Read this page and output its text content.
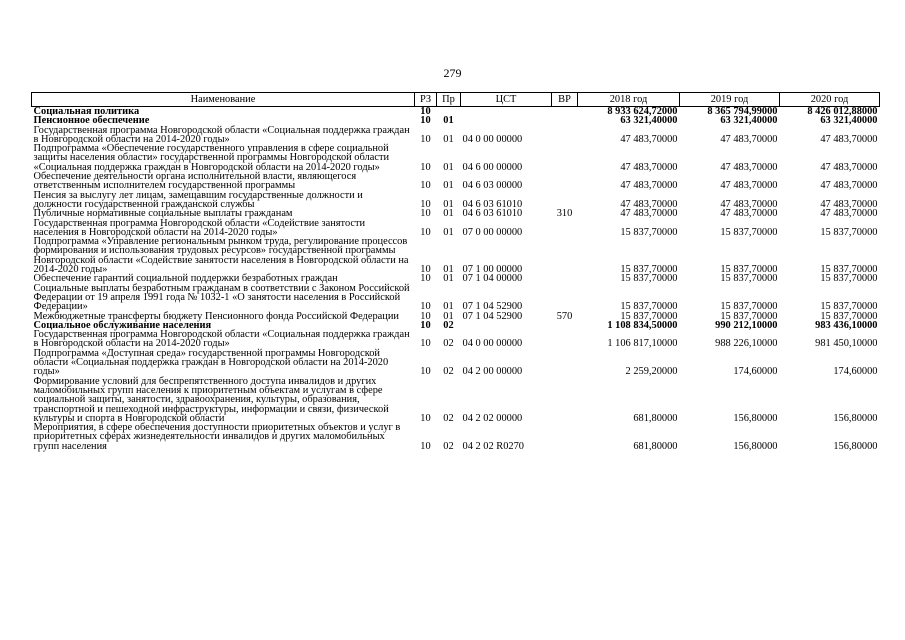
279
Наименование	РЗ	Пр	ЦСТ	ВР	2018 год	2019 год	2020 год
Социальная политика	10				8 933 624,72000	8 365 794,99000	8 426 012,88000
Пенсионное обеспечение	10	01			63 321,40000	63 321,40000	63 321,40000
Государственная программа Новгородской области «Социальная поддержка граждан в Новгородской области на 2014-2020 годы»	10	01	04 0 00 00000		47 483,70000	47 483,70000	47 483,70000
Подпрограмма «Обеспечение государственного управления в сфере социальной защиты населения области» государственной программы Новгородской области «Социальная поддержка граждан в Новгородской области на 2014-2020 годы»	10	01	04 6 00 00000		47 483,70000	47 483,70000	47 483,70000
Обеспечение деятельности органа исполнительной власти, являющегося ответственным исполнителем государственной программы	10	01	04 6 03 00000		47 483,70000	47 483,70000	47 483,70000
Пенсия за выслугу лет лицам, замещавшим государственные должности и должности государственной гражданской службы	10	01	04 6 03 61010		47 483,70000	47 483,70000	47 483,70000
Публичные нормативные социальные выплаты гражданам	10	01	04 6 03 61010	310	47 483,70000	47 483,70000	47 483,70000
Государственная программа Новгородской области «Содействие занятости населения в Новгородской области на 2014-2020 годы»	10	01	07 0 00 00000		15 837,70000	15 837,70000	15 837,70000
Подпрограмма «Управление региональным рынком труда, регулирование процессов формирования и использования трудовых ресурсов» государственной программы Новгородской области «Содействие занятости населения в Новгородской области на 2014-2020 годы»	10	01	07 1 00 00000		15 837,70000	15 837,70000	15 837,70000
Обеспечение гарантий социальной поддержки безработных граждан	10	01	07 1 04 00000		15 837,70000	15 837,70000	15 837,70000
Социальные выплаты безработным гражданам в соответствии с Законом Российской Федерации от 19 апреля 1991 года № 1032-1 «О занятости населения в Российской Федерации»	10	01	07 1 04 52900		15 837,70000	15 837,70000	15 837,70000
Межбюджетные трансферты бюджету Пенсионного фонда Российской Федерации	10	01	07 1 04 52900	570	15 837,70000	15 837,70000	15 837,70000
Социальное обслуживание населения	10	02			1 108 834,50000	990 212,10000	983 436,10000
Государственная программа Новгородской области «Социальная поддержка граждан в Новгородской области на 2014-2020 годы»	10	02	04 0 00 00000		1 106 817,10000	988 226,10000	981 450,10000
Подпрограмма «Доступная среда» государственной программы Новгородской области «Социальная поддержка граждан в Новгородской области на 2014-2020 годы»	10	02	04 2 00 00000		2 259,20000	174,60000	174,60000
Формирование условий для беспрепятственного доступа инвалидов и других маломобильных групп населения к приоритетным объектам и услугам в сфере социальной защиты, занятости, здравоохранения, культуры, образования, транспортной и пешеходной инфраструктуры, информации и связи, физической культуры и спорта в Новгородской области	10	02	04 2 02 00000		681,80000	156,80000	156,80000
Мероприятия, в сфере обеспечения доступности приоритетных объектов и услуг в приоритетных сферах жизнедеятельности инвалидов и других маломобильных групп населения	10	02	04 2 02 R0270		681,80000	156,80000	156,80000
